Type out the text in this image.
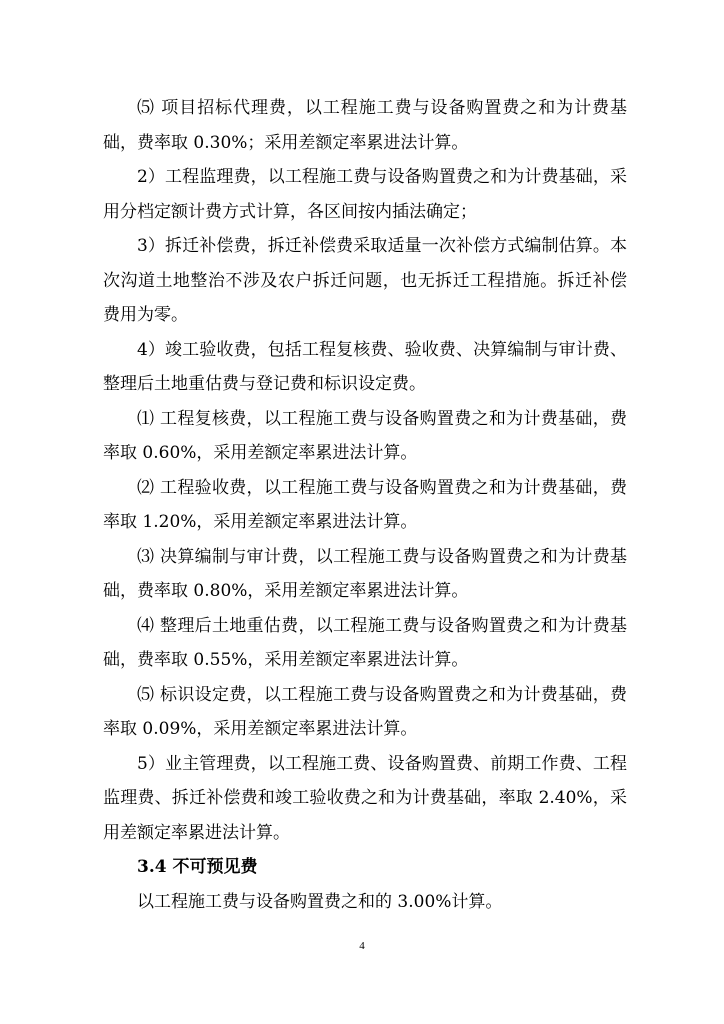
⑸ 项目招标代理费，以工程施工费与设备购置费之和为计费基础，费率取 0.30%；采用差额定率累进法计算。

2）工程监理费，以工程施工费与设备购置费之和为计费基础，采用分档定额计费方式计算，各区间按内插法确定；

3）拆迁补偿费，拆迁补偿费采取适量一次补偿方式编制估算。本次沟道土地整治不涉及农户拆迁问题，也无拆迁工程措施。拆迁补偿费用为零。

4）竣工验收费，包括工程复核费、验收费、决算编制与审计费、整理后土地重估费与登记费和标识设定费。

⑴ 工程复核费，以工程施工费与设备购置费之和为计费基础，费率取 0.60%，采用差额定率累进法计算。

⑵ 工程验收费，以工程施工费与设备购置费之和为计费基础，费率取 1.20%，采用差额定率累进法计算。

⑶ 决算编制与审计费，以工程施工费与设备购置费之和为计费基础，费率取 0.80%，采用差额定率累进法计算。

⑷ 整理后土地重估费，以工程施工费与设备购置费之和为计费基础，费率取 0.55%，采用差额定率累进法计算。

⑸ 标识设定费，以工程施工费与设备购置费之和为计费基础，费率取 0.09%，采用差额定率累进法计算。

5）业主管理费，以工程施工费、设备购置费、前期工作费、工程监理费、拆迁补偿费和竣工验收费之和为计费基础，率取 2.40%，采用差额定率累进法计算。

3.4 不可预见费

以工程施工费与设备购置费之和的 3.00%计算。

4
